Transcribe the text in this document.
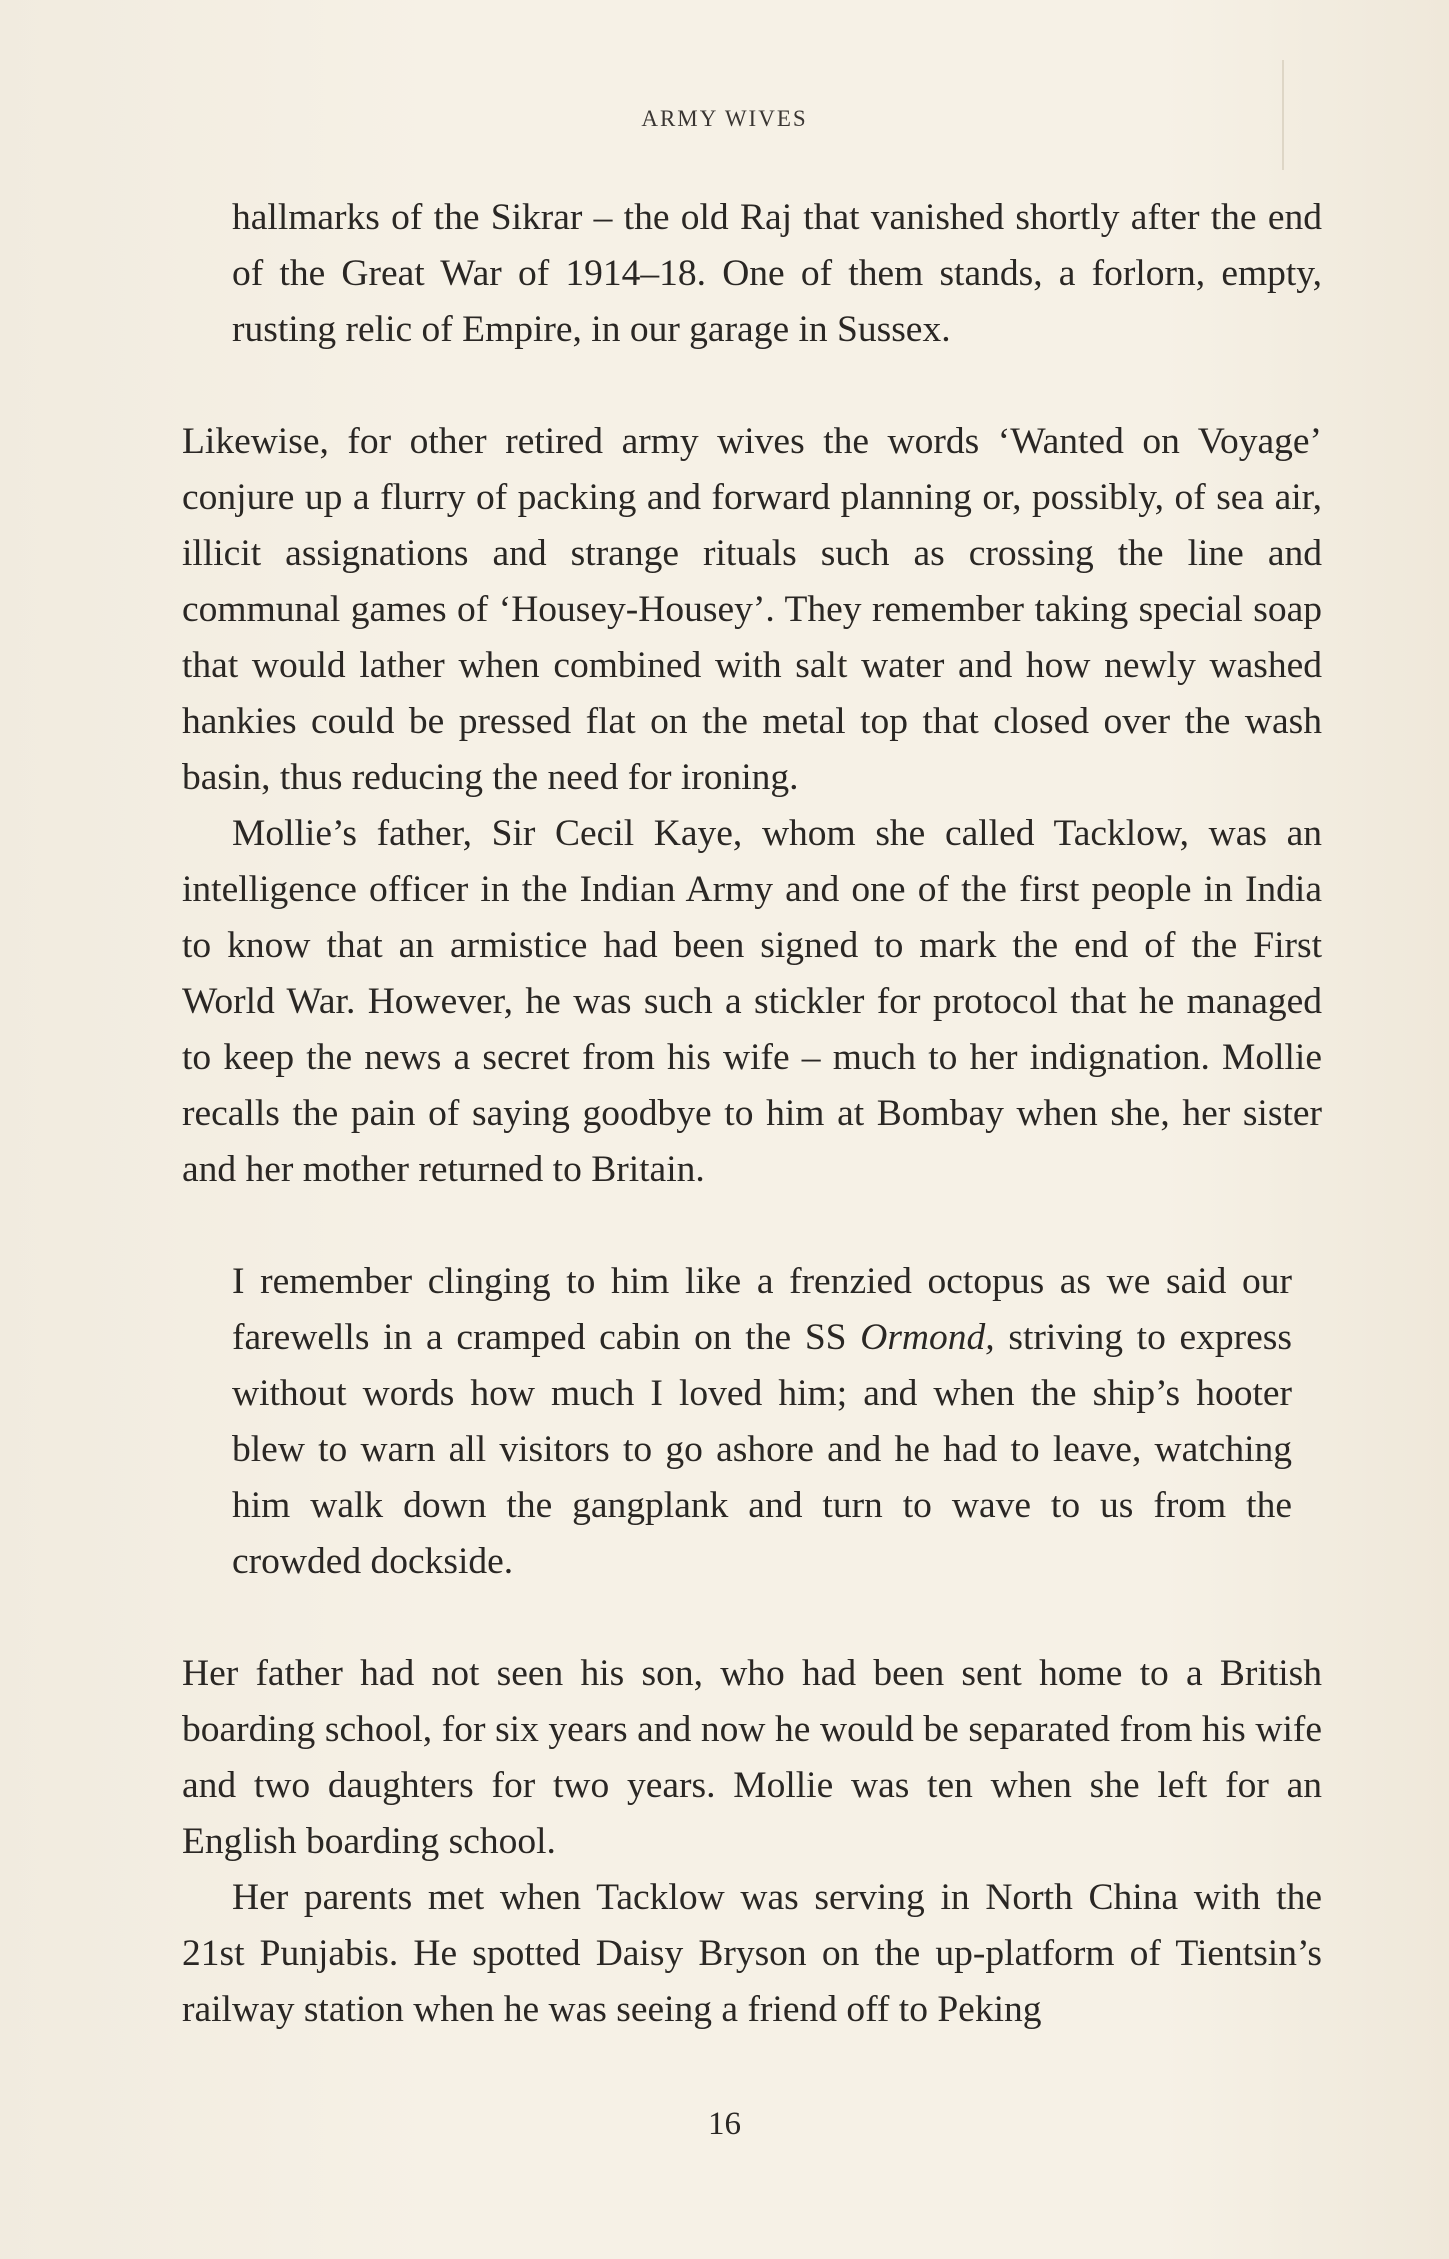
ARMY WIVES

hallmarks of the Sikrar – the old Raj that vanished shortly after the end of the Great War of 1914–18. One of them stands, a forlorn, empty, rusting relic of Empire, in our garage in Sussex.

Likewise, for other retired army wives the words ‘Wanted on Voyage’ conjure up a flurry of packing and forward planning or, possibly, of sea air, illicit assignations and strange rituals such as crossing the line and communal games of ‘Housey-Housey’. They remember taking special soap that would lather when combined with salt water and how newly washed hankies could be pressed flat on the metal top that closed over the wash basin, thus reducing the need for ironing.

Mollie’s father, Sir Cecil Kaye, whom she called Tacklow, was an intelligence officer in the Indian Army and one of the first people in India to know that an armistice had been signed to mark the end of the First World War. However, he was such a stickler for protocol that he managed to keep the news a secret from his wife – much to her indignation. Mollie recalls the pain of saying goodbye to him at Bombay when she, her sister and her mother returned to Britain.

I remember clinging to him like a frenzied octopus as we said our farewells in a cramped cabin on the SS Ormond, striving to express without words how much I loved him; and when the ship’s hooter blew to warn all visitors to go ashore and he had to leave, watching him walk down the gangplank and turn to wave to us from the crowded dockside.

Her father had not seen his son, who had been sent home to a British boarding school, for six years and now he would be separated from his wife and two daughters for two years. Mollie was ten when she left for an English boarding school.

Her parents met when Tacklow was serving in North China with the 21st Punjabis. He spotted Daisy Bryson on the up-platform of Tientsin’s railway station when he was seeing a friend off to Peking

16
